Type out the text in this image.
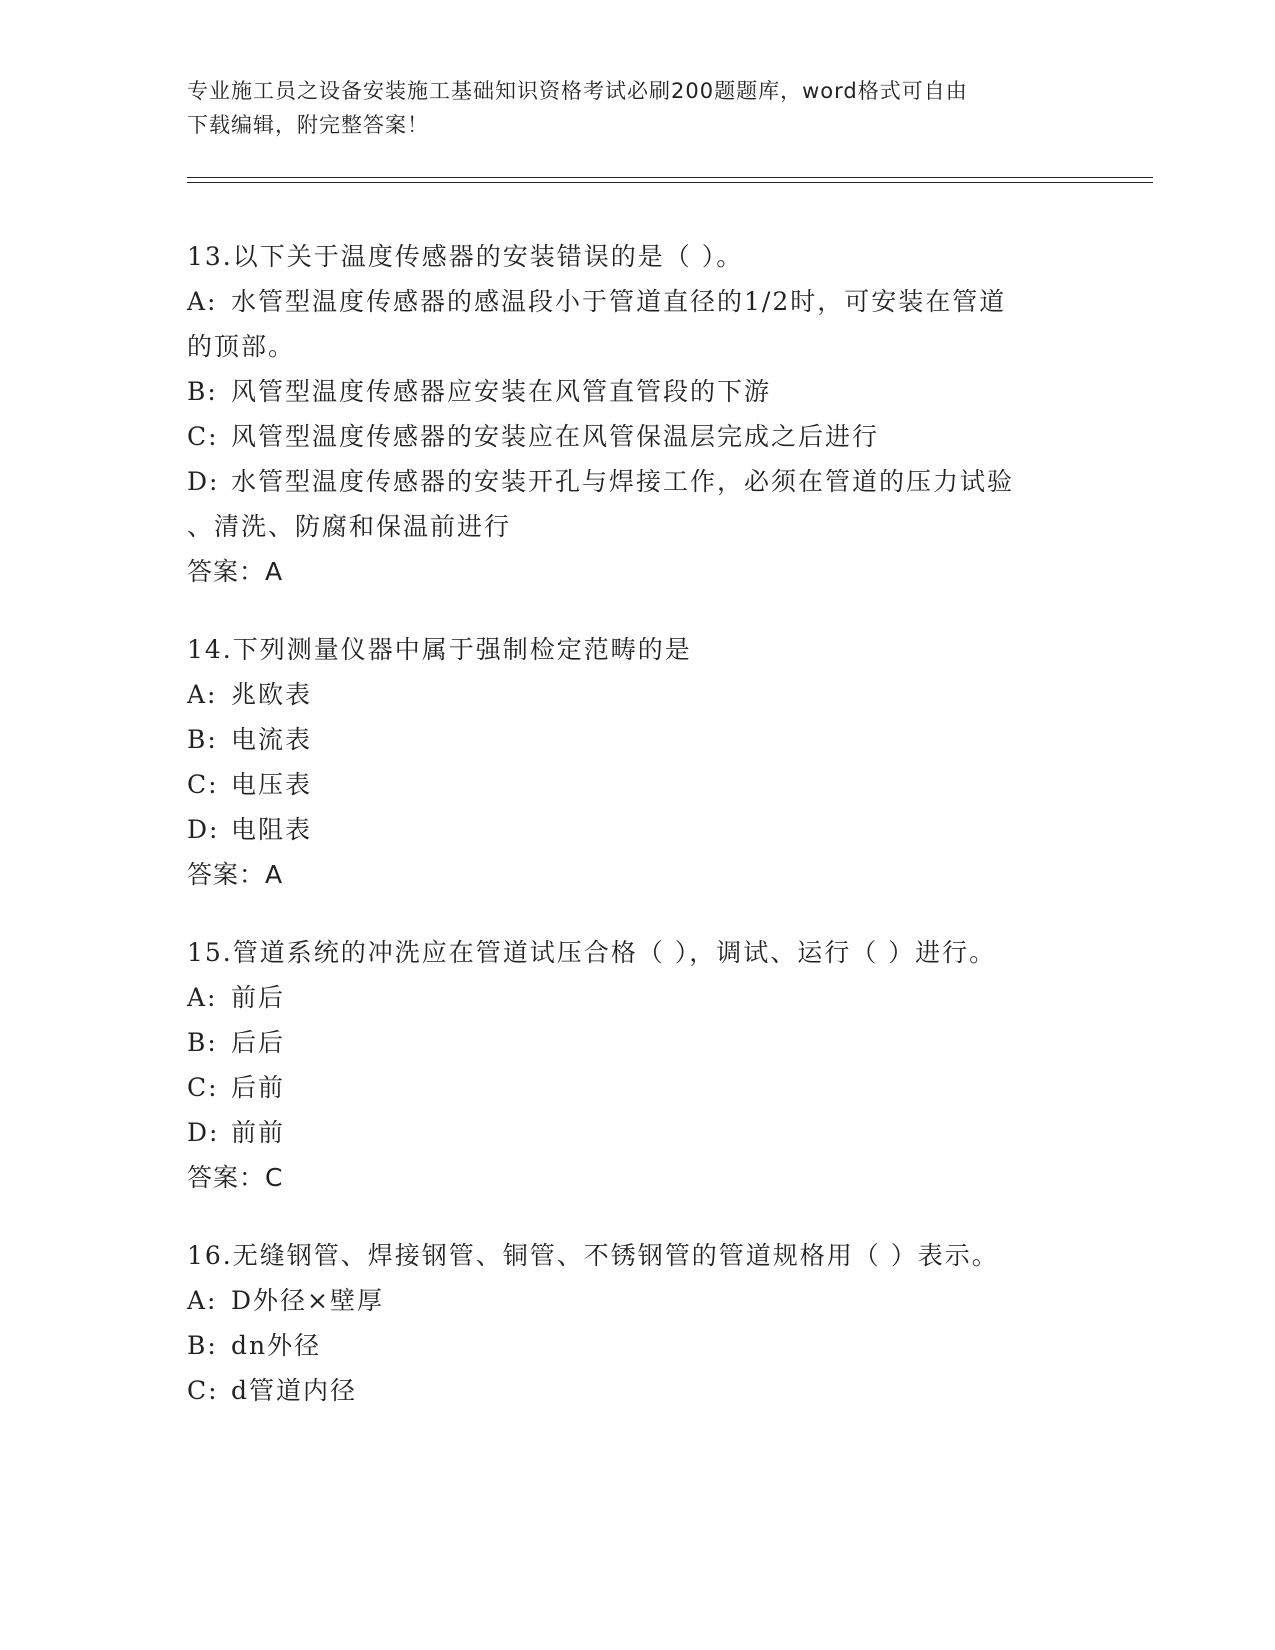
专业施工员之设备安装施工基础知识资格考试必刷200题题库，word格式可自由
下载编辑，附完整答案！
13.以下关于温度传感器的安装错误的是（ ）。
A: 水管型温度传感器的感温段小于管道直径的1/2时，可安装在管道
的顶部。
B: 风管型温度传感器应安装在风管直管段的下游
C: 风管型温度传感器的安装应在风管保温层完成之后进行
D: 水管型温度传感器的安装开孔与焊接工作，必须在管道的压力试验
、清洗、防腐和保温前进行
答案：A
14.下列测量仪器中属于强制检定范畴的是
A: 兆欧表
B: 电流表
C: 电压表
D: 电阻表
答案：A
15.管道系统的冲洗应在管道试压合格（ ），调试、运行（ ）进行。
A: 前后
B: 后后
C: 后前
D: 前前
答案：C
16.无缝钢管、焊接钢管、铜管、不锈钢管的管道规格用（ ）表示。
A: D外径×壁厚
B: dn外径
C: d管道内径
